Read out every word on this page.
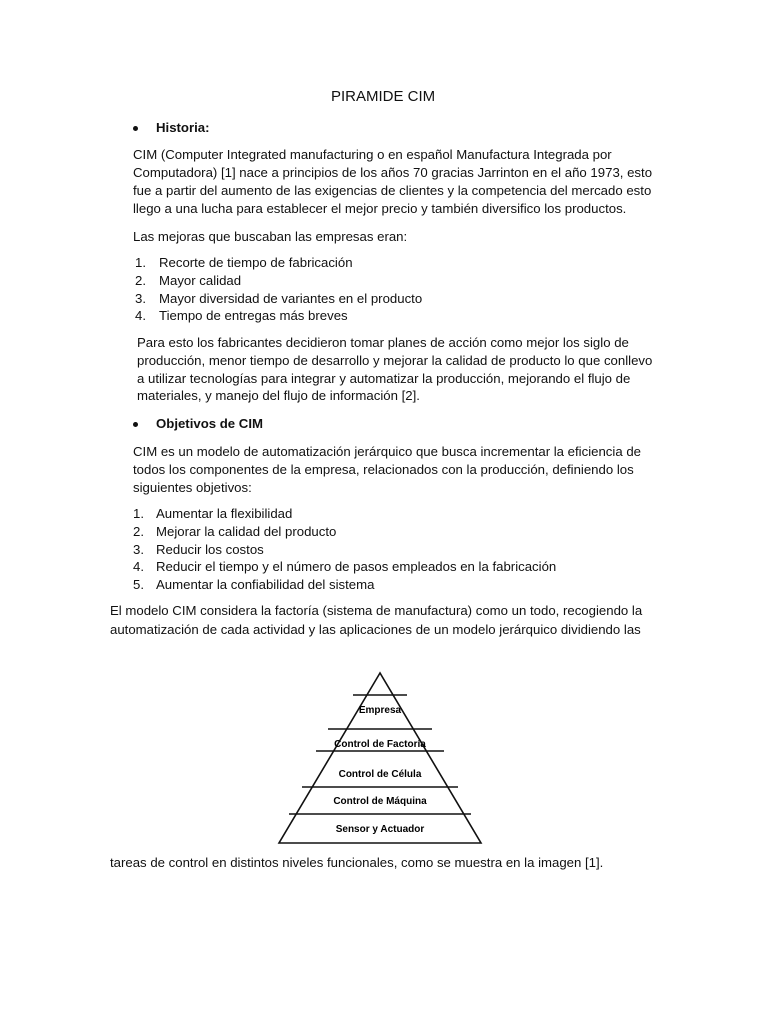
PIRAMIDE CIM
Historia:
CIM (Computer Integrated manufacturing o en español Manufactura Integrada por
Computadora) [1] nace a principios de los años 70 gracias Jarrinton en el año 1973, esto
fue a partir del aumento de las exigencias de clientes y la competencia del mercado esto
llego a una lucha para establecer el mejor precio y también diversifico los productos.
Las mejoras que buscaban las empresas eran:
1. Recorte de tiempo de fabricación
2. Mayor calidad
3. Mayor diversidad de variantes en el producto
4. Tiempo de entregas más breves
Para esto los fabricantes decidieron tomar planes de acción como mejor los siglo de
producción, menor tiempo de desarrollo y mejorar la calidad de producto lo que conllevo
a utilizar tecnologías para integrar y automatizar la producción, mejorando el flujo de
materiales, y manejo del flujo de información [2].
Objetivos de CIM
CIM es un modelo de automatización jerárquico que busca incrementar la eficiencia de
todos los componentes de la empresa, relacionados con la producción, definiendo los
siguientes objetivos:
1. Aumentar la flexibilidad
2. Mejorar la calidad del producto
3. Reducir los costos
4. Reducir el tiempo y el número de pasos empleados en la fabricación
5. Aumentar la confiabilidad del sistema
El modelo CIM considera la factoría (sistema de manufactura) como un todo, recogiendo la
automatización de cada actividad y las aplicaciones de un modelo jerárquico dividiendo las
Empresa
Control de Factoría
Control de Célula
Control de Máquina
Sensor y Actuador
tareas de control en distintos niveles funcionales, como se muestra en la imagen [1].
